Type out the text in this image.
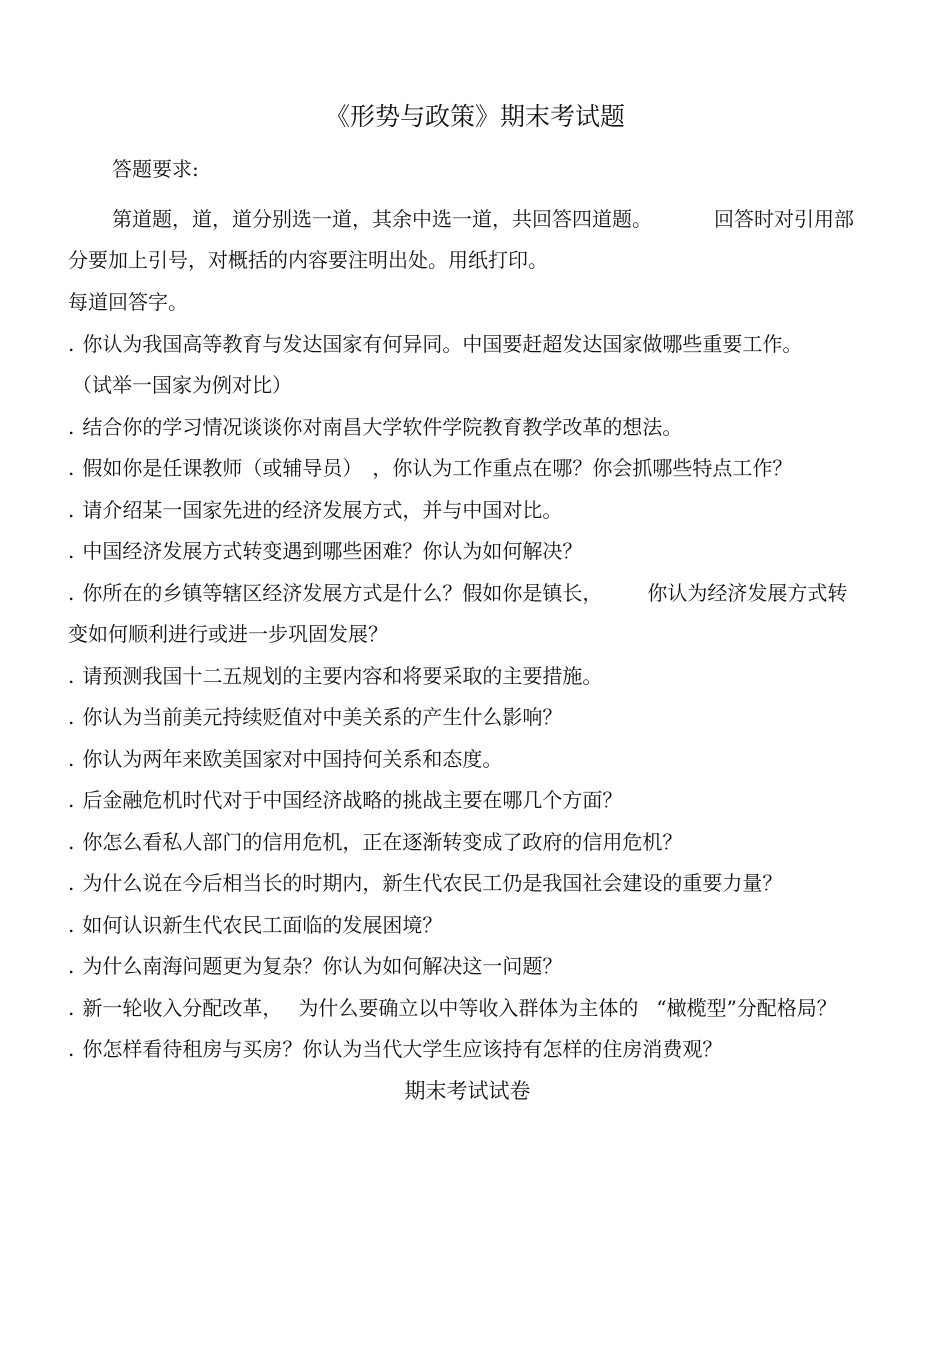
《形势与政策》期末考试题
答题要求:
第道题，道，道分别选一道，其余中选一道，共回答四道题。	回答时对引用部
分要加上引号，对概括的内容要注明出处。用纸打印。
每道回答字。
. 你认为我国高等教育与发达国家有何异同。中国要赶超发达国家做哪些重要工作。
（试举一国家为例对比）
. 结合你的学习情况谈谈你对南昌大学软件学院教育教学改革的想法。
. 假如你是任课教师（或辅导员）　，你认为工作重点在哪？你会抓哪些特点工作？
. 请介绍某一国家先进的经济发展方式，并与中国对比。
. 中国经济发展方式转变遇到哪些困难？你认为如何解决？
. 你所在的乡镇等辖区经济发展方式是什么？假如你是镇长， 你认为经济发展方式转
变如何顺利进行或进一步巩固发展？
. 请预测我国十二五规划的主要内容和将要采取的主要措施。
. 你认为当前美元持续贬值对中美关系的产生什么影响？
. 你认为两年来欧美国家对中国持何关系和态度。
. 后金融危机时代对于中国经济战略的挑战主要在哪几个方面？
. 你怎么看私人部门的信用危机，正在逐渐转变成了政府的信用危机？
. 为什么说在今后相当长的时期内，新生代农民工仍是我国社会建设的重要力量？
. 如何认识新生代农民工面临的发展困境？
. 为什么南海问题更为复杂？你认为如何解决这一问题？
. 新一轮收入分配改革， 为什么要确立以中等收入群体为主体的 “橄榄型”分配格局？
. 你怎样看待租房与买房？你认为当代大学生应该持有怎样的住房消费观？
期末考试试卷
